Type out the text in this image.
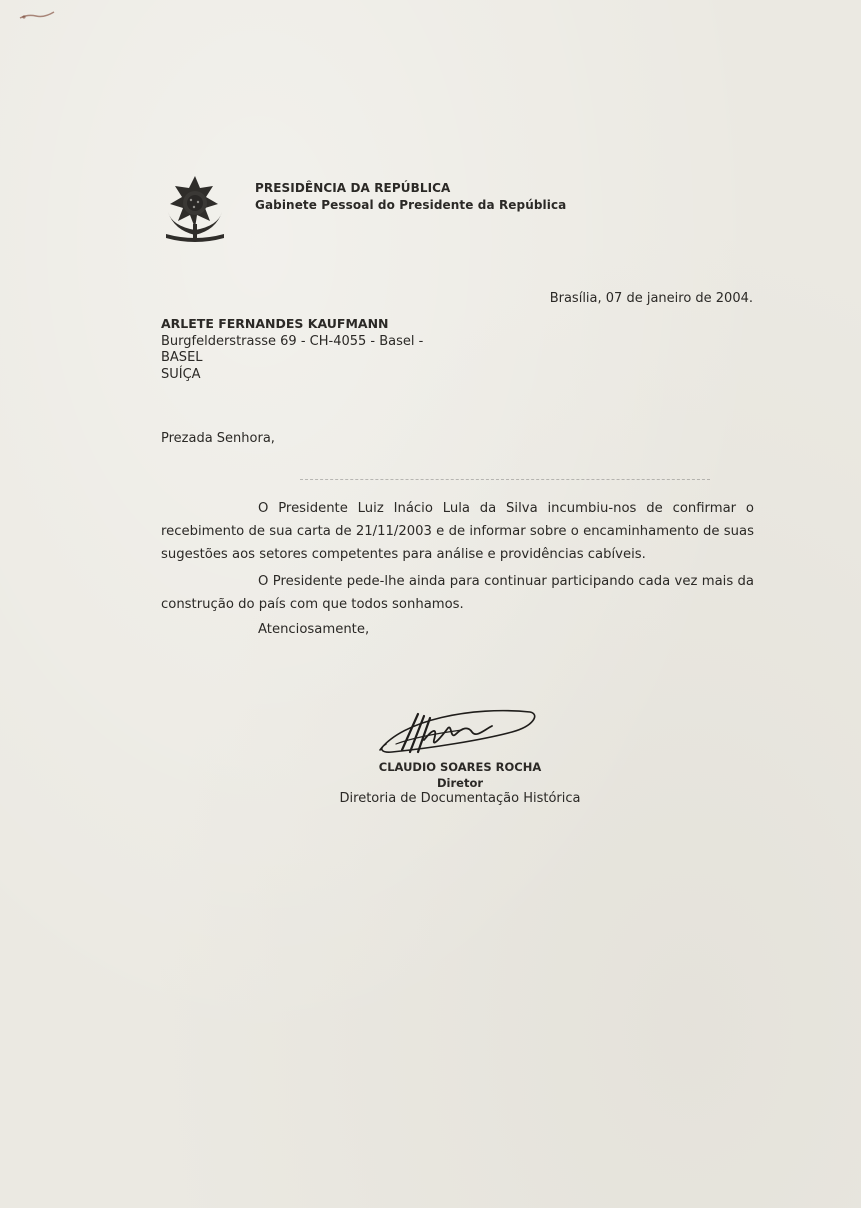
PRESIDÊNCIA DA REPÚBLICA
Gabinete Pessoal do Presidente da República
Brasília, 07 de janeiro de 2004.
ARLETE FERNANDES KAUFMANN
Burgfelderstrasse 69 - CH-4055 - Basel -
BASEL
SUÍÇA
Prezada Senhora,
O Presidente Luiz Inácio Lula da Silva incumbiu-nos de confirmar o recebimento de sua carta de 21/11/2003 e de informar sobre o encaminhamento de suas sugestões aos setores competentes para análise e providências cabíveis.
O Presidente pede-lhe ainda para continuar participando cada vez mais da construção do país com que todos sonhamos.
Atenciosamente,
CLAUDIO SOARES ROCHA
Diretor
Diretoria de Documentação Histórica
